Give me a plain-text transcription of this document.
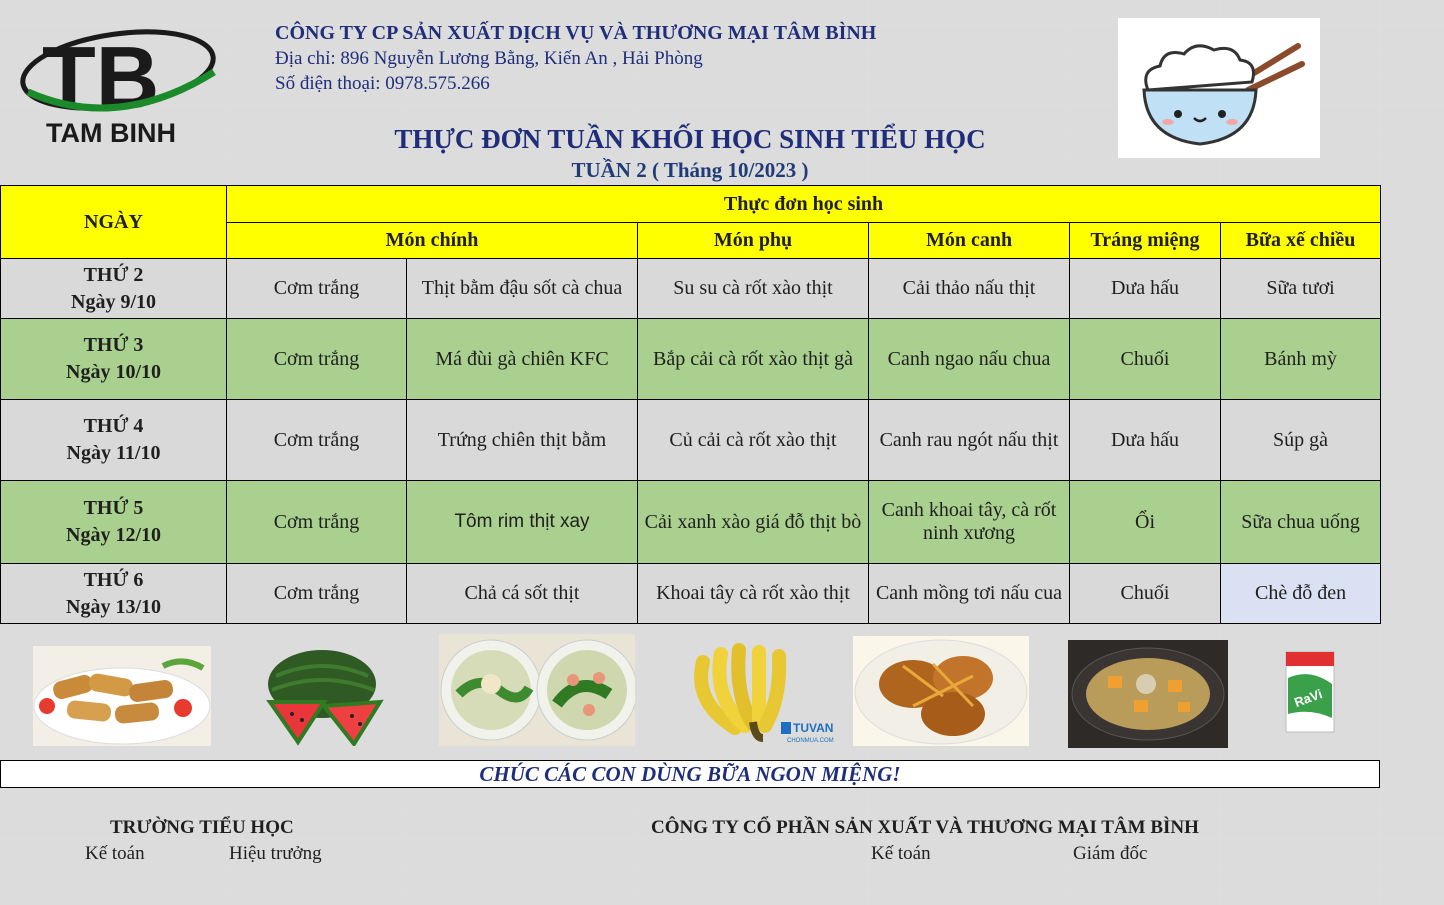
TB
TAM BINH
CÔNG TY CP SẢN XUẤT DỊCH VỤ VÀ THƯƠNG MẠI TÂM BÌNH
Địa chỉ: 896 Nguyễn Lương Bằng, Kiến An , Hải Phòng
Số điện thoại: 0978.575.266
THỰC ĐƠN TUẦN KHỐI HỌC SINH TIỂU HỌC
TUẦN 2 ( Tháng 10/2023 )
NGÀY	Thực đơn học sinh					
	Món chính		Món phụ	Món canh	Tráng miệng	Bữa xế chiều

THỨ 2
Ngày 9/10	Cơm trắng	Thịt bằm đậu sốt cà chua	Su su cà rốt xào thịt	Cải thảo nấu thịt	Dưa hấu	Sữa tươi

THỨ 3
Ngày 10/10	Cơm trắng	Má đùi gà chiên KFC	Bắp cải cà rốt xào thịt gà	Canh ngao nấu chua	Chuối	Bánh mỳ

THỨ 4
Ngày 11/10	Cơm trắng	Trứng chiên thịt bằm	Củ cải cà rốt xào thịt	Canh rau ngót nấu thịt	Dưa hấu	Súp gà

THỨ 5
Ngày 12/10	Cơm trắng	Tôm rim thịt xay	Cải xanh xào giá đỗ thịt bò	Canh khoai tây, cà rốt ninh xương	Ổi	Sữa chua uống

THỨ 6
Ngày 13/10	Cơm trắng	Chả cá sốt thịt	Khoai tây cà rốt xào thịt	Canh mồng tơi nấu cua	Chuối	Chè đỗ đen
TUVAN
CHONMUA.COM
RaVi
CHÚC CÁC CON DÙNG BỮA NGON MIỆNG!
TRƯỜNG TIỂU HỌC
Kế toán	Hiệu trưởng
CÔNG TY CỔ PHẦN SẢN XUẤT VÀ THƯƠNG MẠI TÂM BÌNH
Kế toán	Giám đốc
